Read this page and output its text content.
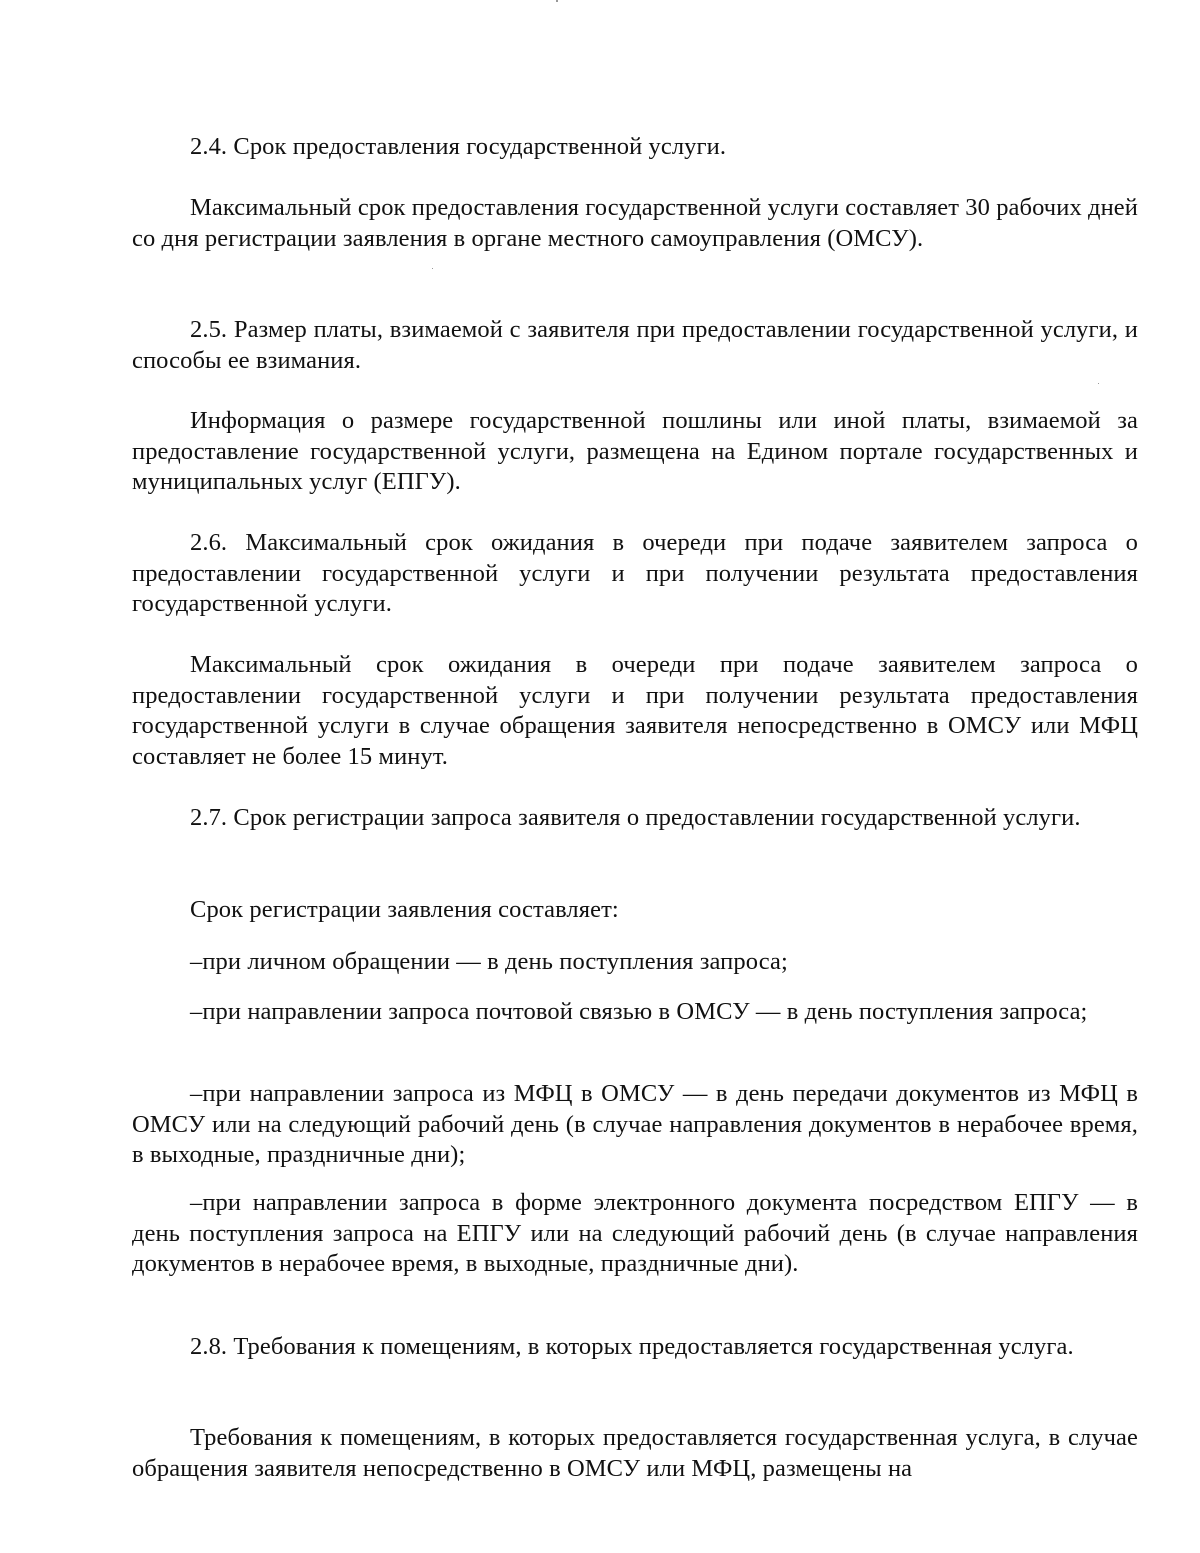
2.4. Срок предоставления государственной услуги.

Максимальный срок предоставления государственной услуги составляет 30 рабочих дней со дня регистрации заявления в органе местного самоуправления (ОМСУ).

2.5. Размер платы, взимаемой с заявителя при предоставлении государственной услуги, и способы ее взимания.

Информация о размере государственной пошлины или иной платы, взимаемой за предоставление государственной услуги, размещена на Едином портале государственных и муниципальных услуг (ЕПГУ).

2.6. Максимальный срок ожидания в очереди при подаче заявителем запроса о предоставлении государственной услуги и при получении результата предоставления государственной услуги.

Максимальный срок ожидания в очереди при подаче заявителем запроса о предоставлении государственной услуги и при получении результата предоставления государственной услуги в случае обращения заявителя непосредственно в ОМСУ или МФЦ составляет не более 15 минут.

2.7. Срок регистрации запроса заявителя о предоставлении государственной услуги.

Срок регистрации заявления составляет:

–при личном обращении — в день поступления запроса;

–при направлении запроса почтовой связью в ОМСУ — в день поступления запроса;

–при направлении запроса из МФЦ в ОМСУ — в день передачи документов из МФЦ в ОМСУ или на следующий рабочий день (в случае направления документов в нерабочее время, в выходные, праздничные дни);

–при направлении запроса в форме электронного документа посредством ЕПГУ — в день поступления запроса на ЕПГУ или на следующий рабочий день (в случае направления документов в нерабочее время, в выходные, праздничные дни).

2.8. Требования к помещениям, в которых предоставляется государственная услуга.

Требования к помещениям, в которых предоставляется государственная услуга, в случае обращения заявителя непосредственно в ОМСУ или МФЦ, размещены на
